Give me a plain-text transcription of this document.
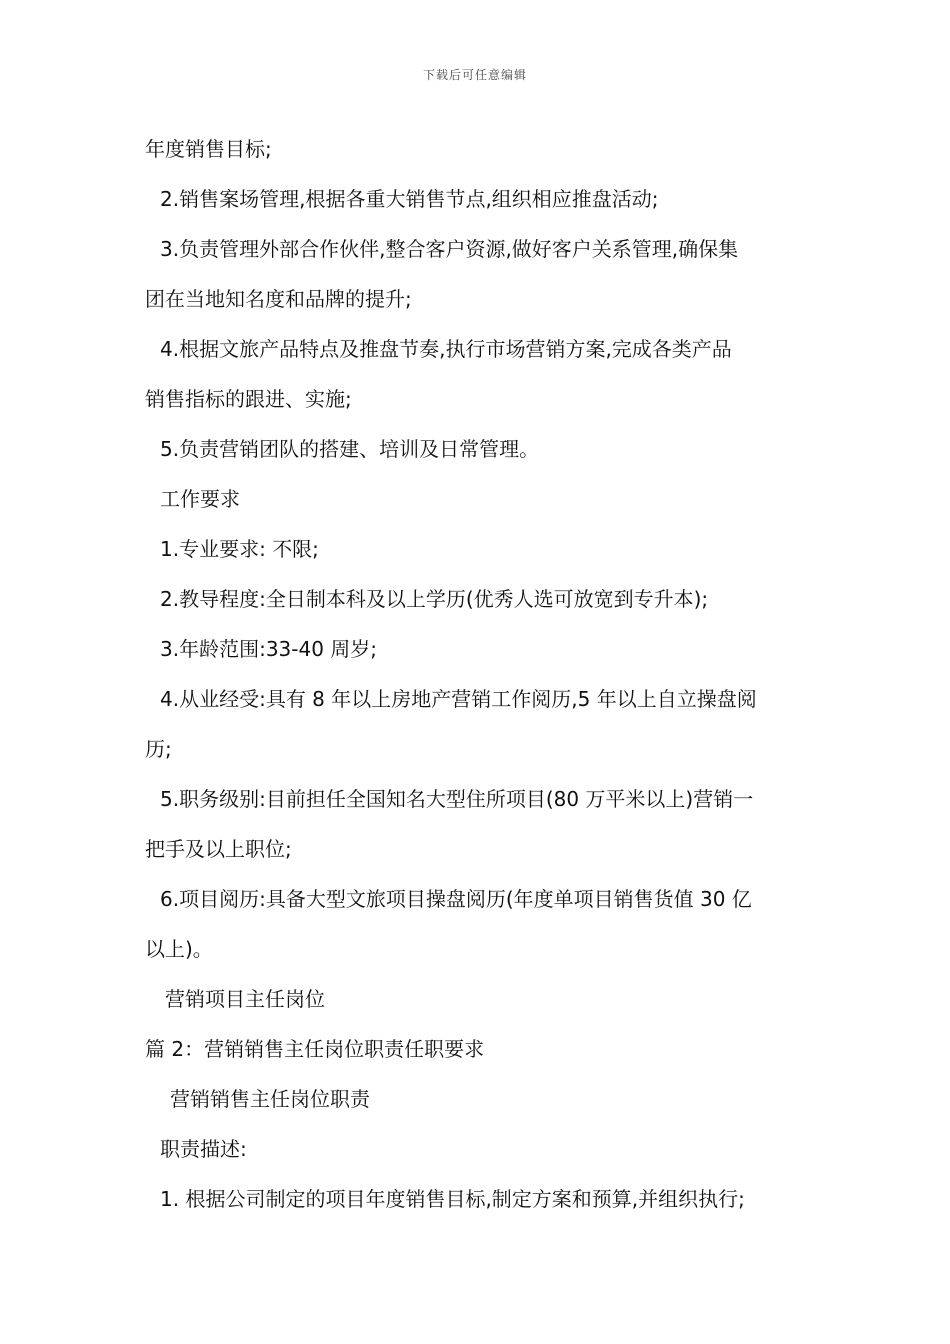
下载后可任意编辑
年度销售目标;
2.销售案场管理,根据各重大销售节点,组织相应推盘活动;
3.负责管理外部合作伙伴,整合客户资源,做好客户关系管理,确保集
团在当地知名度和品牌的提升;
4.根据文旅产品特点及推盘节奏,执行市场营销方案,完成各类产品
销售指标的跟进、实施;
5.负责营销团队的搭建、培训及日常管理。
工作要求
1.专业要求: 不限;
2.教导程度:全日制本科及以上学历(优秀人选可放宽到专升本);
3.年龄范围:33-40 周岁;
4.从业经受:具有 8 年以上房地产营销工作阅历,5 年以上自立操盘阅
历;
5.职务级别:目前担任全国知名大型住所项目(80 万平米以上)营销一
把手及以上职位;
6.项目阅历:具备大型文旅项目操盘阅历(年度单项目销售货值 30 亿
以上)。
营销项目主任岗位
篇 2：营销销售主任岗位职责任职要求
营销销售主任岗位职责
职责描述:
1. 根据公司制定的项目年度销售目标,制定方案和预算,并组织执行;
